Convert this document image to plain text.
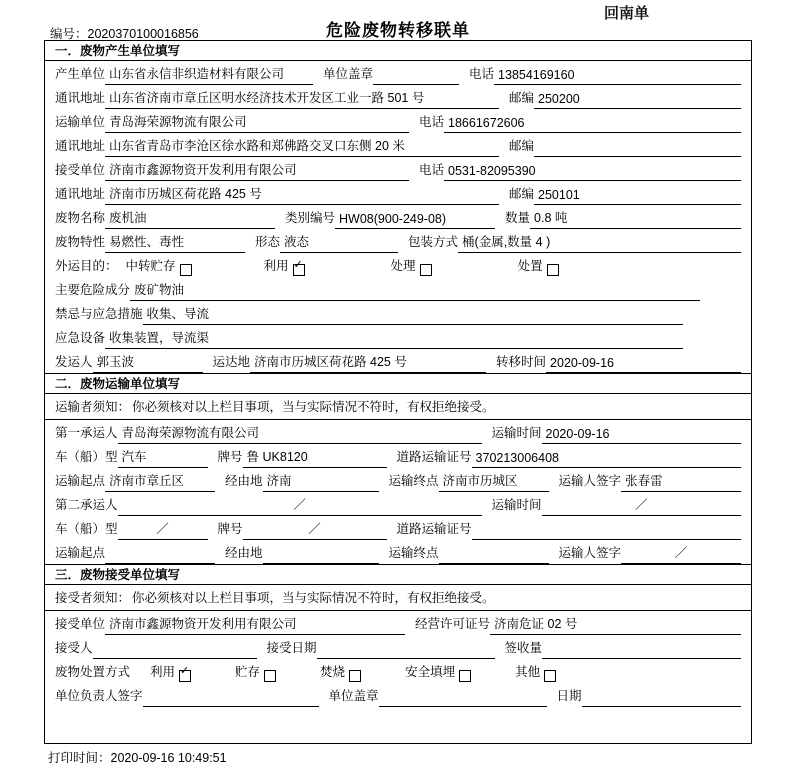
编号：2020370100016856	危险废物转移联单
回南单
一．废物产生单位填写
产生单位 山东省永信非织造材料有限公司	单位盖章	电话 13854169160
通讯地址 山东省济南市章丘区明水经济技术开发区工业一路 501 号	邮编 250200
运输单位 青岛海荣源物流有限公司	电话 18661672606
通讯地址 山东省青岛市李沧区徐水路和郑佛路交叉口东侧 20 米	邮编
接受单位 济南市鑫源物资开发利用有限公司	电话 0531-82095390
通讯地址 济南市历城区荷花路 425 号	邮编 250101
废物名称 废机油	类别编号 HW08(900-249-08)	数量 0.8 吨
废物特性 易燃性、毒性	形态 液态	包装方式 桶(金属,数量 4 )
外运目的： 中转贮存	利用 ✓	处理	处置
主要危险成分 废矿物油
禁忌与应急措施 收集、导流
应急设备 收集装置，导流渠
发运人 郭玉波	运达地 济南市历城区荷花路 425 号	转移时间 2020-09-16
二．废物运输单位填写
运输者须知： 你必须核对以上栏目事项，当与实际情况不符时，有权拒绝接受。
第一承运人 青岛海荣源物流有限公司	运输时间 2020-09-16
车（船）型 汽车	牌号 鲁 UK8120	道路运输证号 370213006408
运输起点 济南市章丘区	经由地 济南	运输终点 济南市历城区	运输人签字 张春雷
第二承运人	／	运输时间	／
车（船）型	／	牌号	／	道路运输证号
运输起点	经由地	运输终点	运输人签字	／
三．废物接受单位填写
接受者须知： 你必须核对以上栏目事项，当与实际情况不符时，有权拒绝接受。
接受单位 济南市鑫源物资开发利用有限公司	经营许可证号 济南危证 02 号
接受人	接受日期	签收量
废物处置方式 利用 ✓	贮存	焚烧	安全填埋	其他
单位负责人签字	单位盖章	日期
打印时间：2020-09-16 10:49:51
